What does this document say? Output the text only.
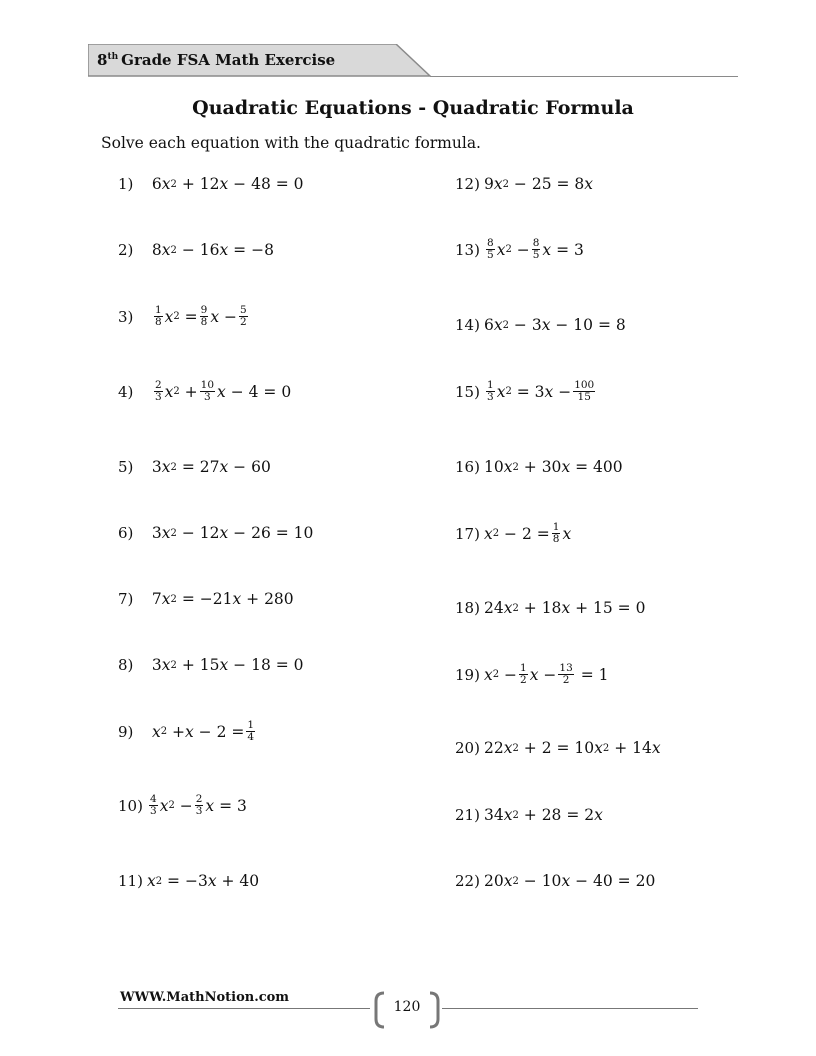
8th Grade FSA Math Exercise
Quadratic Equations - Quadratic Formula
Solve each equation with the quadratic formula.
1) 6 x 2 + 12 x − 48 = 0
2) 8 x 2 − 16 x = −8
3)
	$\frac{1}{8}$ x $2 = \frac{9}{8}$ $x - \frac{5}{2}$
4)
	$\frac{2}{3}$ x $2 + \frac{10}{3}$ x − 4 = 0
5) 3 x 2 = 27 x − 60
6) 3 x 2 − 12 x − 26 = 10
7) 7 x 2 = −21 x + 280
8) 3 x 2 + 15 x − 18 = 0
9)
	x $2 + x - 2 = \frac{1}{4}$
$10) \frac{4}{3}$ x $2 - \frac{2}{3}$ x = 3
11) x 2 = −3 x + 40
12) 9 x 2 − 25 = 8 x
$13) \frac{8}{5}$ x $2 - \frac{8}{5}$ x = 3
14) 6 x 2 − 3 x − 10 = 8
$15) \frac{1}{3}$ x 2 = 3 $x - \frac{100}{15}$
16) 10 x 2 + 30 x = 400
17) x $2 - 2 = \frac{1}{8}$ x
18) 24 x 2 + 18 x + 15 = 0
19) x $2 - \frac{1}{2}$ $x - \frac{13}{2} = 1$
20) 22 x 2 + 2 = 10 x 2 + 14 x
21) 34 x 2 + 28 = 2 x
22) 20 x 2 − 10 x − 40 = 20
WWW.MathNotion.com
120
